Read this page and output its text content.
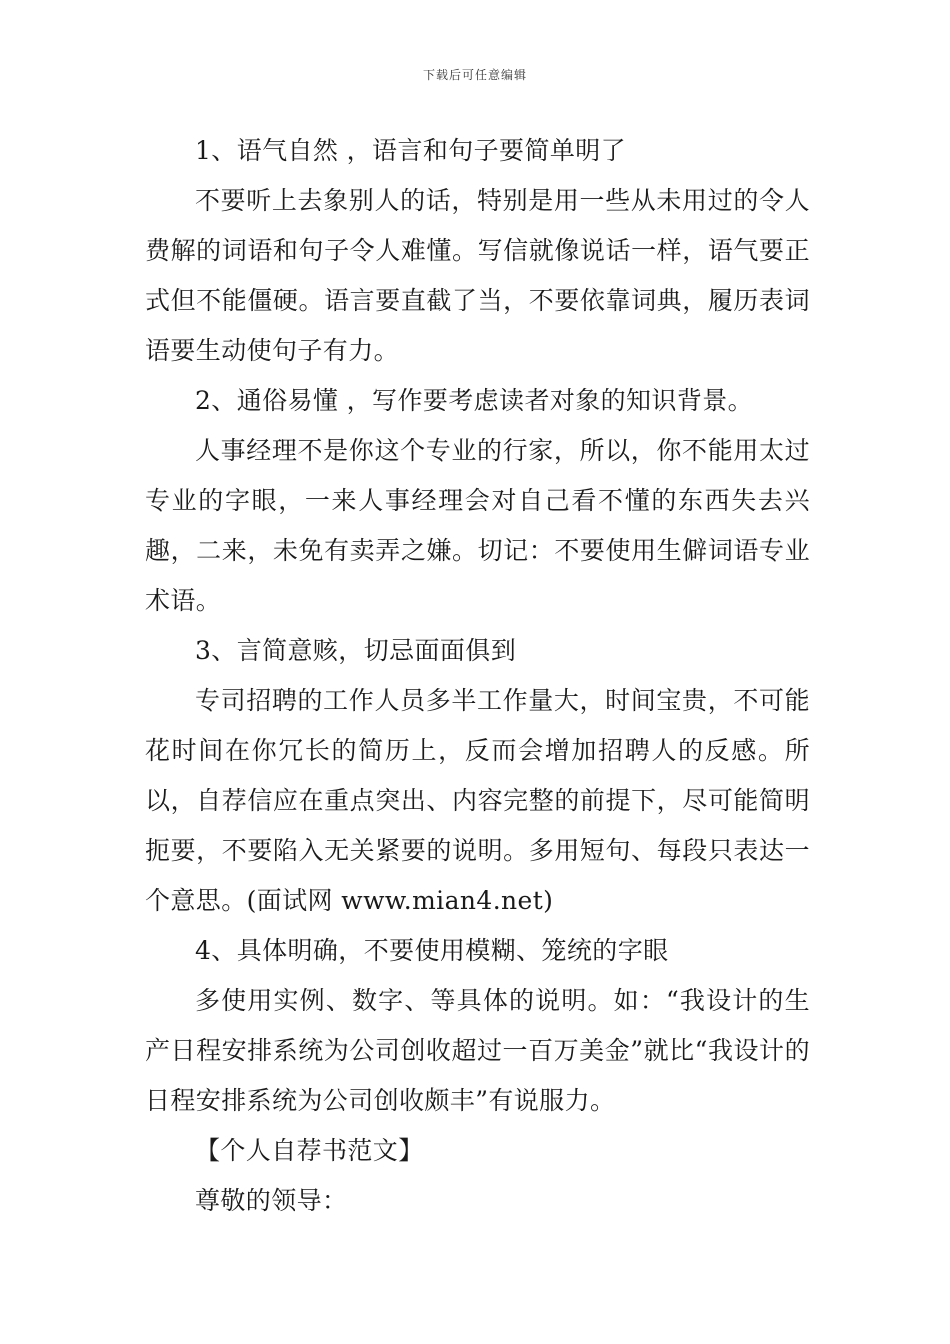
下载后可任意编辑

1、语气自然 ，语言和句子要简单明了

不要听上去象别人的话，特别是用一些从未用过的令人费解的词语和句子令人难懂。写信就像说话一样，语气要正式但不能僵硬。语言要直截了当，不要依靠词典，履历表词语要生动使句子有力。

2、通俗易懂 ，写作要考虑读者对象的知识背景。

人事经理不是你这个专业的行家，所以，你不能用太过专业的字眼，一来人事经理会对自己看不懂的东西失去兴趣，二来，未免有卖弄之嫌。切记：不要使用生僻词语专业术语。

3、言简意赅，切忌面面俱到

专司招聘的工作人员多半工作量大，时间宝贵，不可能花时间在你冗长的简历上，反而会增加招聘人的反感。所以，自荐信应在重点突出、内容完整的前提下，尽可能简明扼要，不要陷入无关紧要的说明。多用短句、每段只表达一个意思。(面试网 www.mian4.net)

4、具体明确，不要使用模糊、笼统的字眼

多使用实例、数字、等具体的说明。如：“我设计的生产日程安排系统为公司创收超过一百万美金”就比“我设计的日程安排系统为公司创收颇丰”有说服力。

【个人自荐书范文】

尊敬的领导：
